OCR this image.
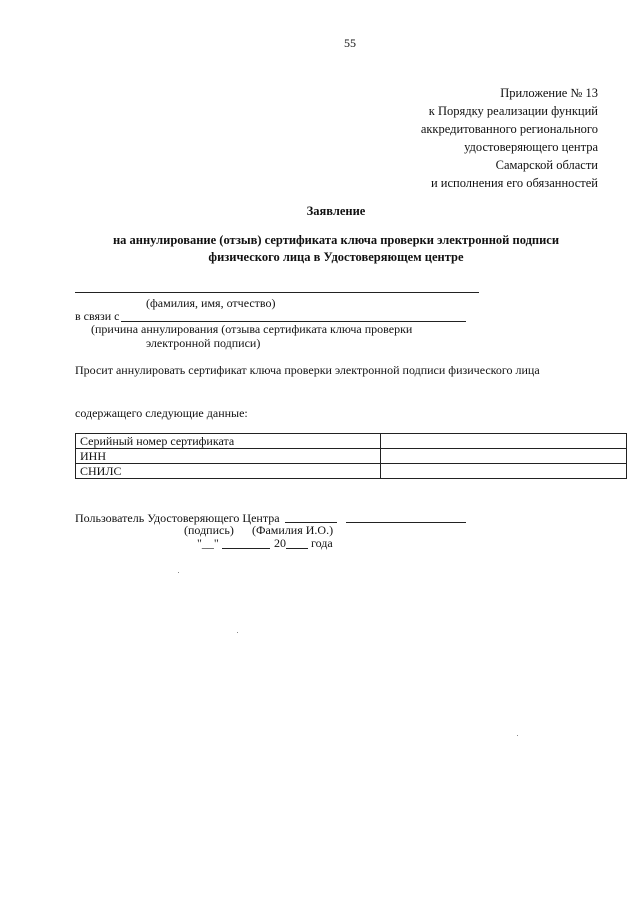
55
Приложение № 13
к Порядку реализации функций
аккредитованного регионального
удостоверяющего центра
Самарской области
и исполнения его обязанностей
Заявление
на аннулирование (отзыв) сертификата ключа проверки электронной подписи
физического лица в Удостоверяющем центре
(фамилия, имя, отчество)
в связи с
(причина аннулирования (отзыва сертификата ключа проверки
электронной подписи)
Просит аннулировать сертификат ключа проверки электронной подписи физического лица
содержащего следующие данные:
Серийный номер сертификата	
ИНН	
СНИЛС	
Пользователь Удостоверяющего Центра
(подпись) (Фамилия И.О.)
"__"	20 года
